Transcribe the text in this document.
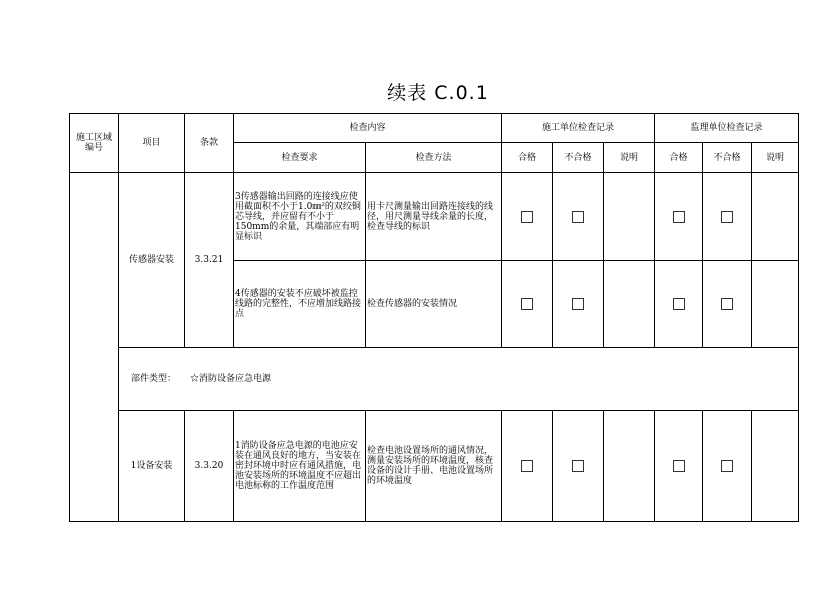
续表 C.0.1
施工区域编号	项目	条款	检查内容		施工单位检查记录			监理单位检查记录		
			检查要求	检查方法	合格	不合格	说明	合格	不合格	说明
	传感器安装	3.3.21	3传感器输出回路的连接线应使用截面积不小于1.0㎜²的双绞铜芯导线，并应留有不小于150mm的余量，其端部应有明显标识	用卡尺测量输出回路连接线的线径，用尺测量导线余量的长度，检查导线的标识						
			4传感器的安装不应破坏被监控线路的完整性，不应增加线路接点	检查传感器的安装情况						
	部件类型： ☆消防设备应急电源									
	1设备安装	3.3.20	1消防设备应急电源的电池应安装在通风良好的地方，当安装在密封环境中时应有通风措施，电池安装场所的环境温度不应超出电池标称的工作温度范围	检查电池设置场所的通风情况，测量安装场所的环境温度，核查设备的设计手册、电池设置场所的环境温度						
